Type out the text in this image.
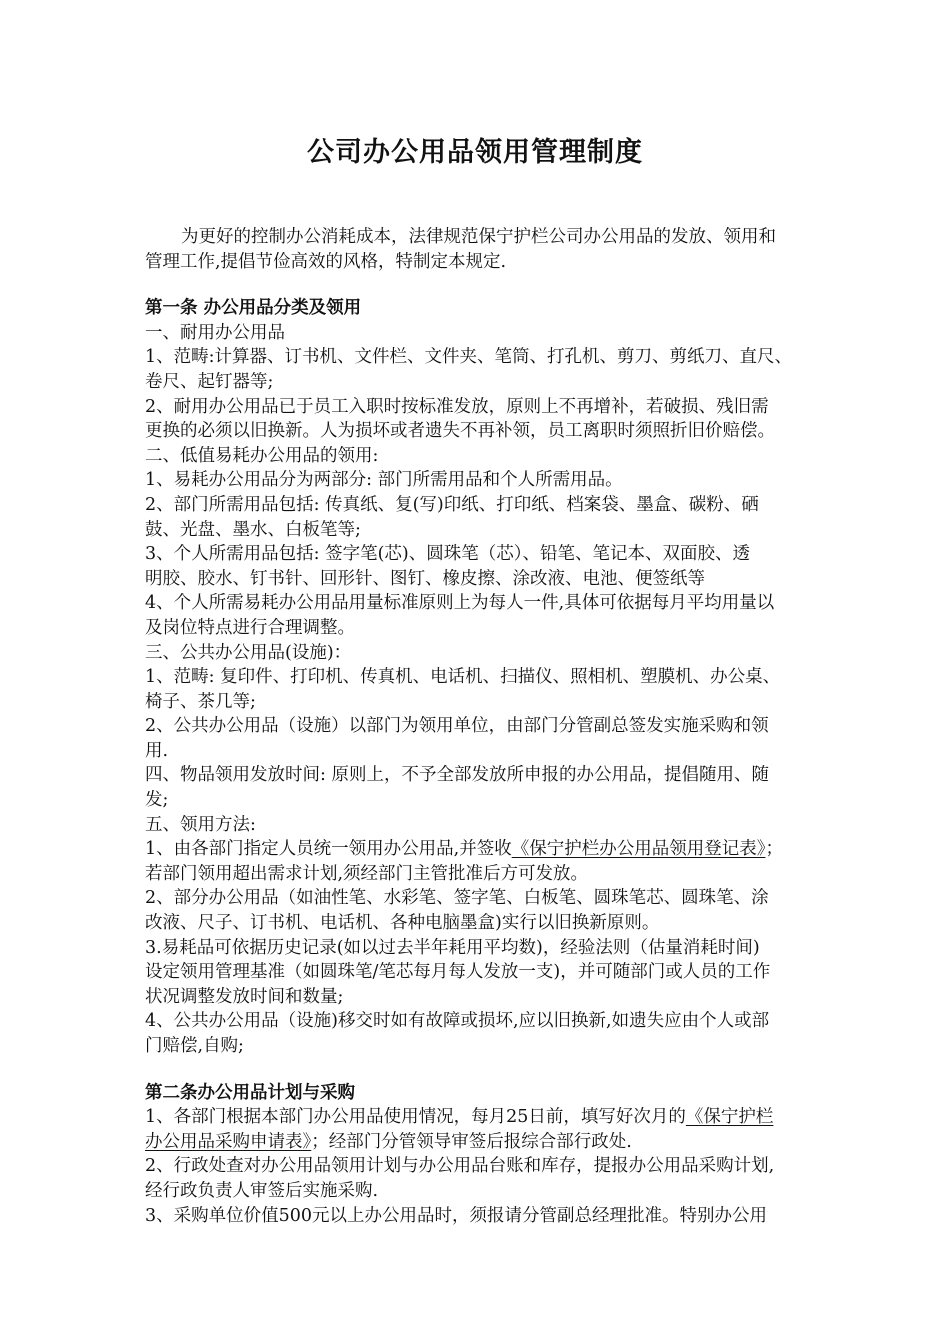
公司办公用品领用管理制度
为更好的控制办公消耗成本，法律规范保宁护栏公司办公用品的发放、领用和
管理工作,提倡节俭高效的风格，特制定本规定.
第一条 办公用品分类及领用
一、耐用办公用品
1、范畴:计算器、订书机、文件栏、文件夹、笔筒、打孔机、剪刀、剪纸刀、直尺、
卷尺、起钉器等;
2、耐用办公用品已于员工入职时按标准发放，原则上不再增补，若破损、残旧需
更换的必须以旧换新。人为损坏或者遗失不再补领，员工离职时须照折旧价赔偿。
二、低值易耗办公用品的领用:
1、易耗办公用品分为两部分: 部门所需用品和个人所需用品。
2、部门所需用品包括: 传真纸、复(写)印纸、打印纸、档案袋、墨盒、碳粉、硒
鼓、光盘、墨水、白板笔等;
3、个人所需用品包括: 签字笔(芯)、圆珠笔（芯）、铅笔、笔记本、双面胶、透
明胶、胶水、钉书针、回形针、图钉、橡皮擦、涂改液、电池、便签纸等
4、个人所需易耗办公用品用量标准原则上为每人一件,具体可依据每月平均用量以
及岗位特点进行合理调整。
三、公共办公用品(设施)：
1、范畴: 复印件、打印机、传真机、电话机、扫描仪、照相机、塑膜机、办公桌、
椅子、茶几等;
2、公共办公用品（设施）以部门为领用单位，由部门分管副总签发实施采购和领
用.
四、物品领用发放时间: 原则上，不予全部发放所申报的办公用品，提倡随用、随
发;
五、领用方法:
1、由各部门指定人员统一领用办公用品,并签收《保宁护栏办公用品领用登记表》；
若部门领用超出需求计划,须经部门主管批准后方可发放。
2、部分办公用品（如油性笔、水彩笔、签字笔、白板笔、圆珠笔芯、圆珠笔、涂
改液、尺子、订书机、电话机、各种电脑墨盒)实行以旧换新原则。
3.易耗品可依据历史记录(如以过去半年耗用平均数)，经验法则（估量消耗时间)
设定领用管理基准（如圆珠笔/笔芯每月每人发放一支)，并可随部门或人员的工作
状况调整发放时间和数量;
4、公共办公用品（设施)移交时如有故障或损坏,应以旧换新,如遗失应由个人或部
门赔偿,自购;
第二条办公用品计划与采购
1、各部门根据本部门办公用品使用情况，每月25日前，填写好次月的《保宁护栏
办公用品采购申请表》；经部门分管领导审签后报综合部行政处.
2、行政处查对办公用品领用计划与办公用品台账和库存，提报办公用品采购计划,
经行政负责人审签后实施采购.
3、采购单位价值500元以上办公用品时，须报请分管副总经理批准。特别办公用
